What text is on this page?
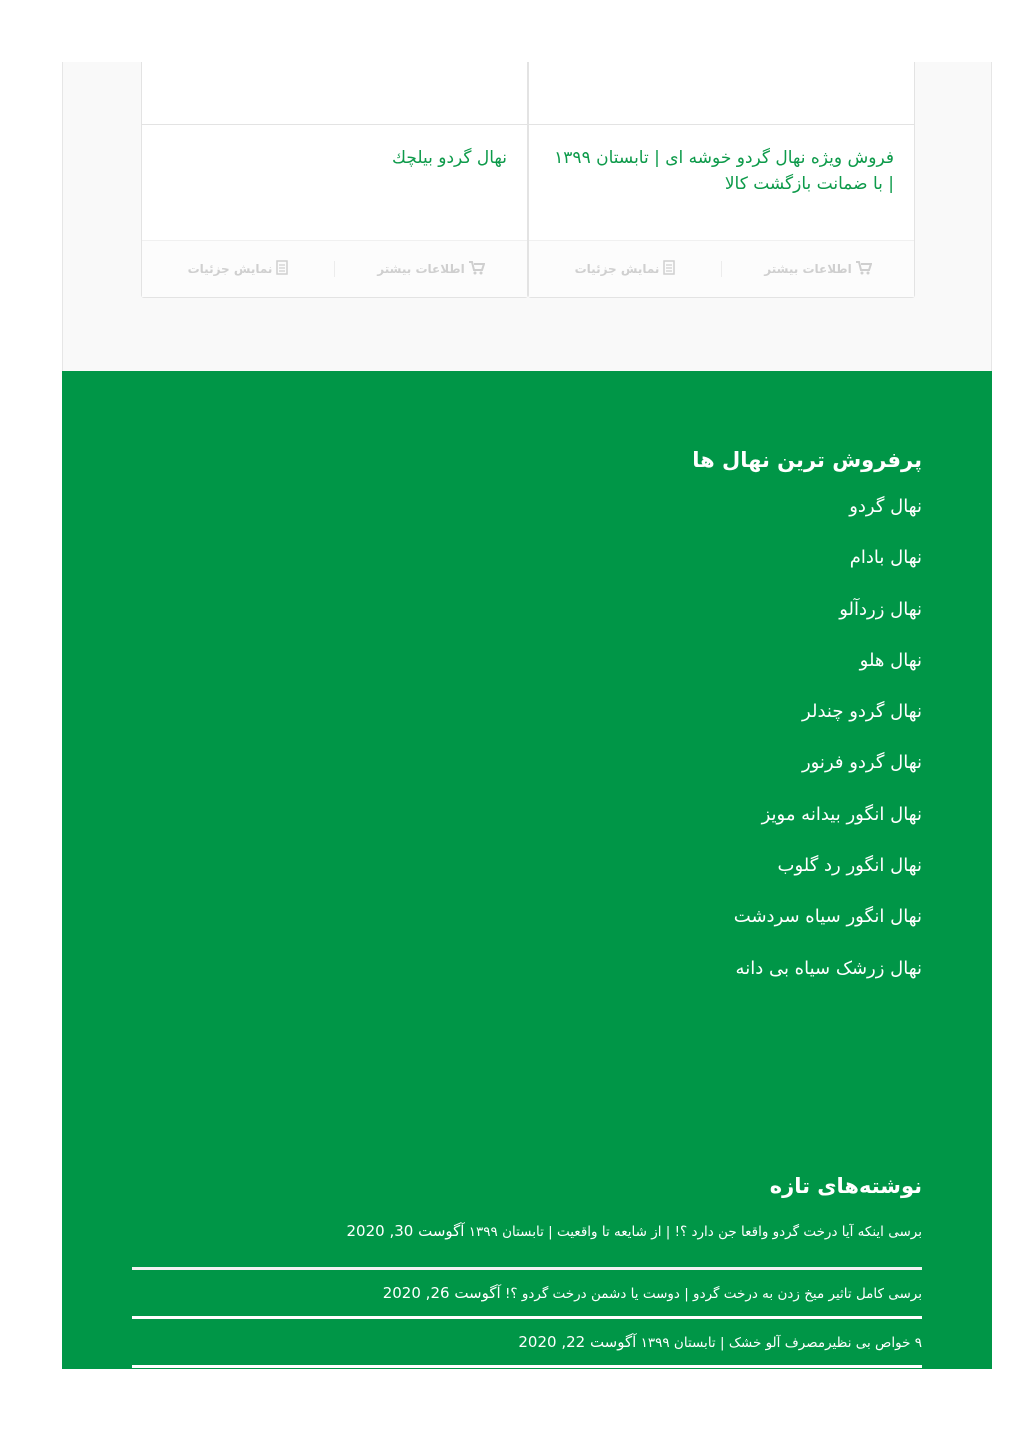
فروش ویژه نهال گردو خوشه ای | تابستان ۱۳۹۹ | با ضمانت بازگشت کالا
اطلاعات بیشتر
نمایش جزئیات
نهال گردو بیلچك
اطلاعات بیشتر
نمایش جزئیات
پرفروش ترین نهال ها
نهال گردو
نهال بادام
نهال زردآلو
نهال هلو
نهال گردو چندلر
نهال گردو فرنور
نهال انگور بیدانه مویز
نهال انگور رد گلوب
نهال انگور سیاه سردشت
نهال زرشک سیاه بی دانه
نوشته‌های تازه
برسی اینکه آیا درخت گردو واقعا جن دارد ؟! | از شایعه تا واقعیت | تابستان ۱۳۹۹ آگوست 30, 2020
برسی کامل تاثیر میخ زدن به درخت گردو | دوست یا دشمن درخت گردو ؟! آگوست 26, 2020
۹ خواص بی نظیرمصرف آلو خشک | تابستان ۱۳۹۹ آگوست 22, 2020
